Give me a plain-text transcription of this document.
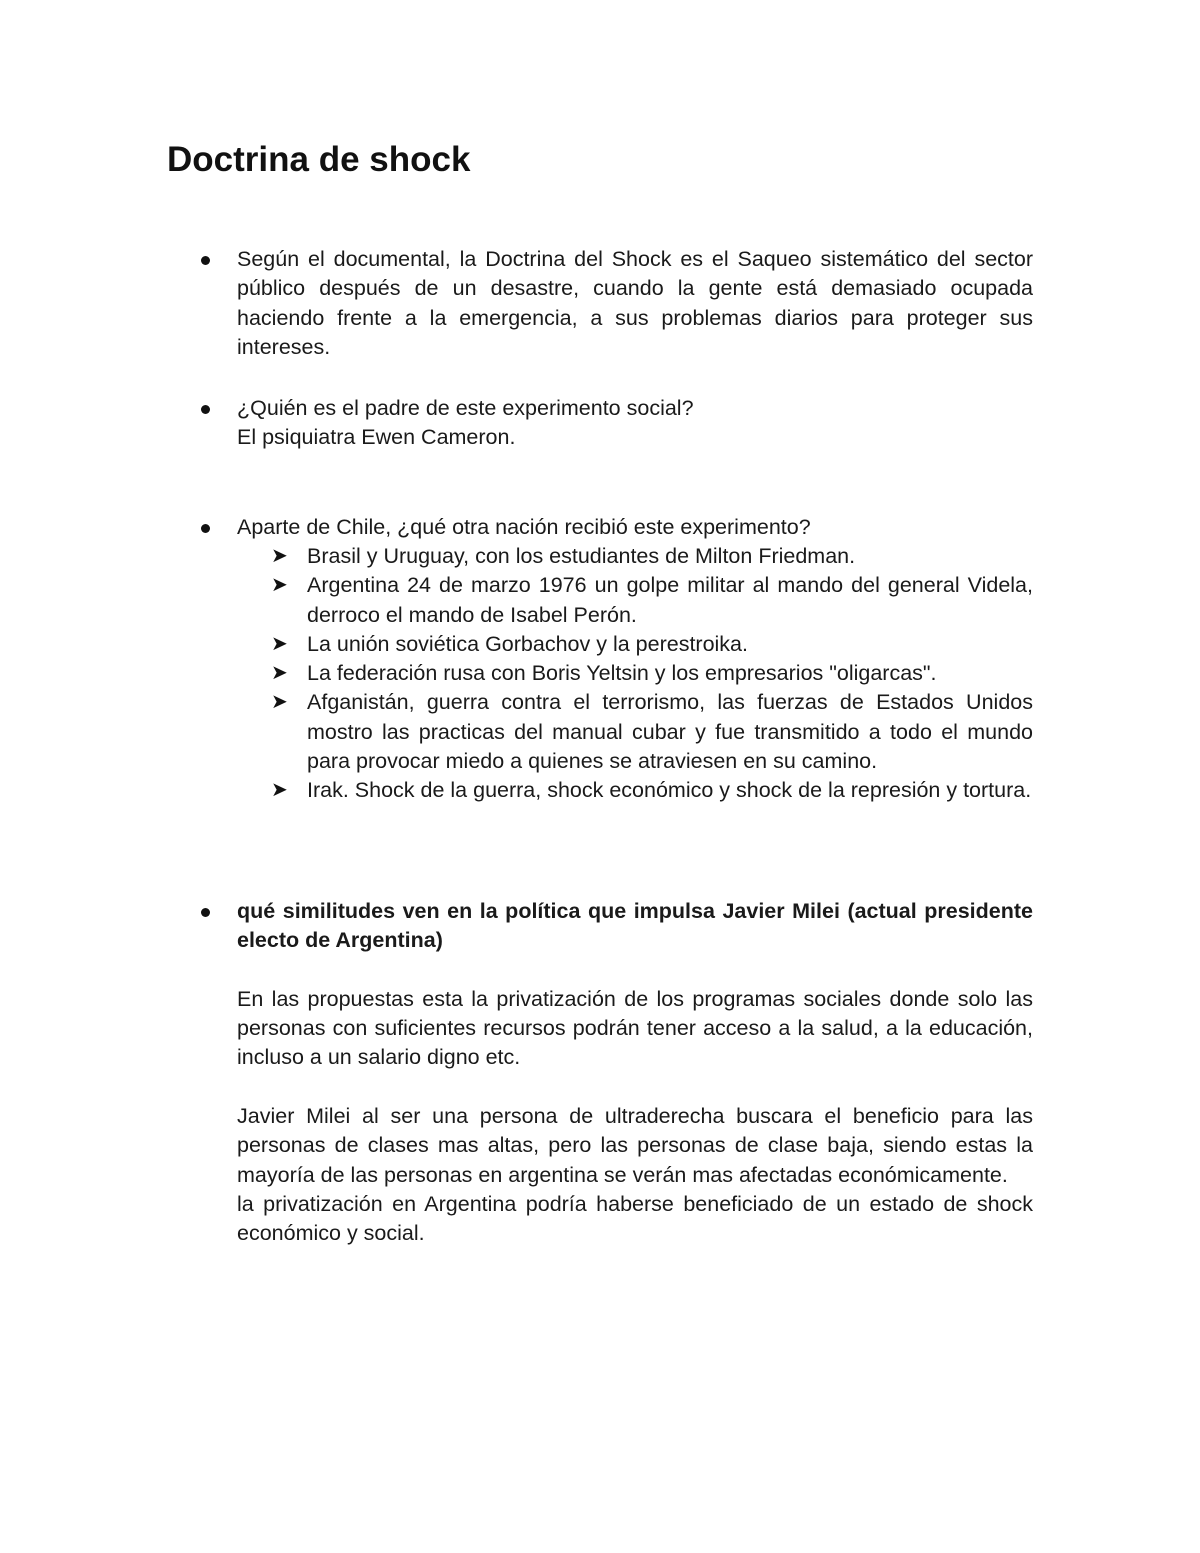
Doctrina de shock

Según el documental, la Doctrina del Shock es el Saqueo sistemático del sector público después de un desastre, cuando la gente está demasiado ocupada haciendo frente a la emergencia, a sus problemas diarios para proteger sus intereses.

¿Quién es el padre de este experimento social?

El psiquiatra Ewen Cameron.

Aparte de Chile, ¿qué otra nación recibió este experimento?

➤ Brasil y Uruguay, con los estudiantes de Milton Friedman.

➤ Argentina 24 de marzo 1976 un golpe militar al mando del general Videla, derroco el mando de Isabel Perón.

➤ La unión soviética Gorbachov y la perestroika.

➤ La federación rusa con Boris Yeltsin y los empresarios "oligarcas".

➤ Afganistán, guerra contra el terrorismo, las fuerzas de Estados Unidos mostro las practicas del manual cubar y fue transmitido a todo el mundo para provocar miedo a quienes se atraviesen en su camino.

➤ Irak. Shock de la guerra, shock económico y shock de la represión y tortura.

qué similitudes ven en la política que impulsa Javier Milei (actual presidente electo de Argentina)

En las propuestas esta la privatización de los programas sociales donde solo las personas con suficientes recursos podrán tener acceso a la salud, a la educación, incluso a un salario digno etc.

Javier Milei al ser una persona de ultraderecha buscara el beneficio para las personas de clases mas altas, pero las personas de clase baja, siendo estas la mayoría de las personas en argentina se verán mas afectadas económicamente.

la privatización en Argentina podría haberse beneficiado de un estado de shock económico y social.
